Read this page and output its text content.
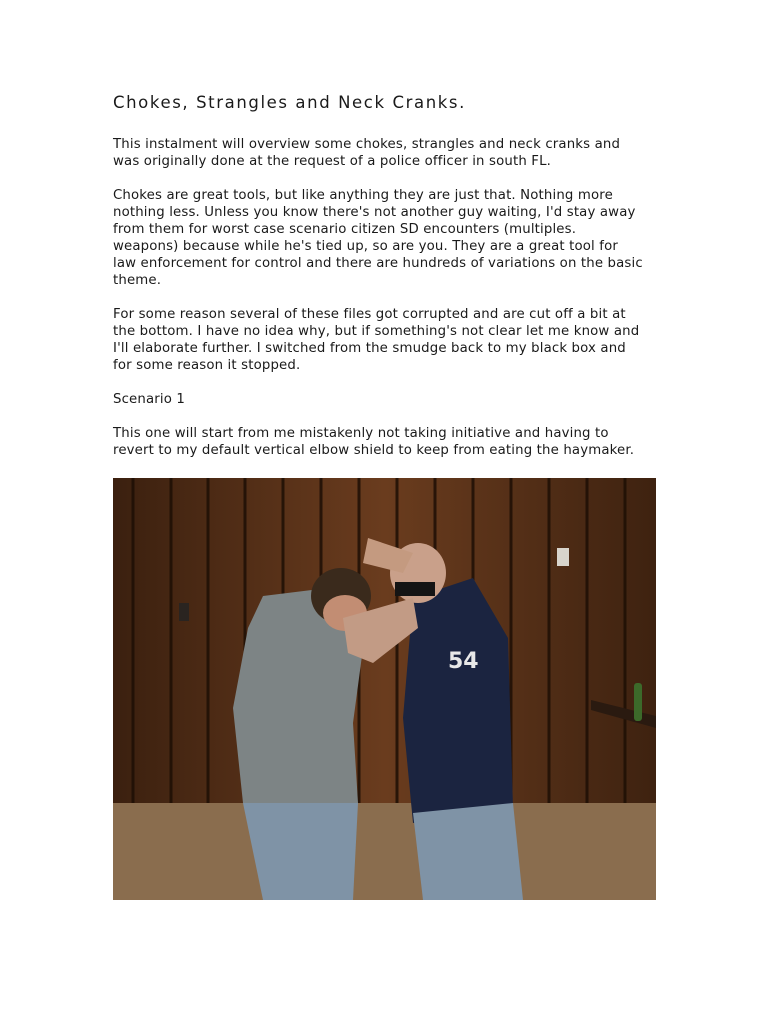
Chokes, Strangles and Neck Cranks.

This instalment will overview some chokes, strangles and neck cranks and
was originally done at the request of a police officer in south FL.

Chokes are great tools, but like anything they are just that. Nothing more
nothing less. Unless you know there's not another guy waiting, I'd stay away
from them for worst case scenario citizen SD encounters (multiples.
weapons) because while he's tied up, so are you. They are a great tool for
law enforcement for control and there are hundreds of variations on the basic
theme.

For some reason several of these files got corrupted and are cut off a bit at
the bottom. I have no idea why, but if something's not clear let me know and
I'll elaborate further. I switched from the smudge back to my black box and
for some reason it stopped.

Scenario 1

This one will start from me mistakenly not taking initiative and having to
revert to my default vertical elbow shield to keep from eating the haymaker.

54
